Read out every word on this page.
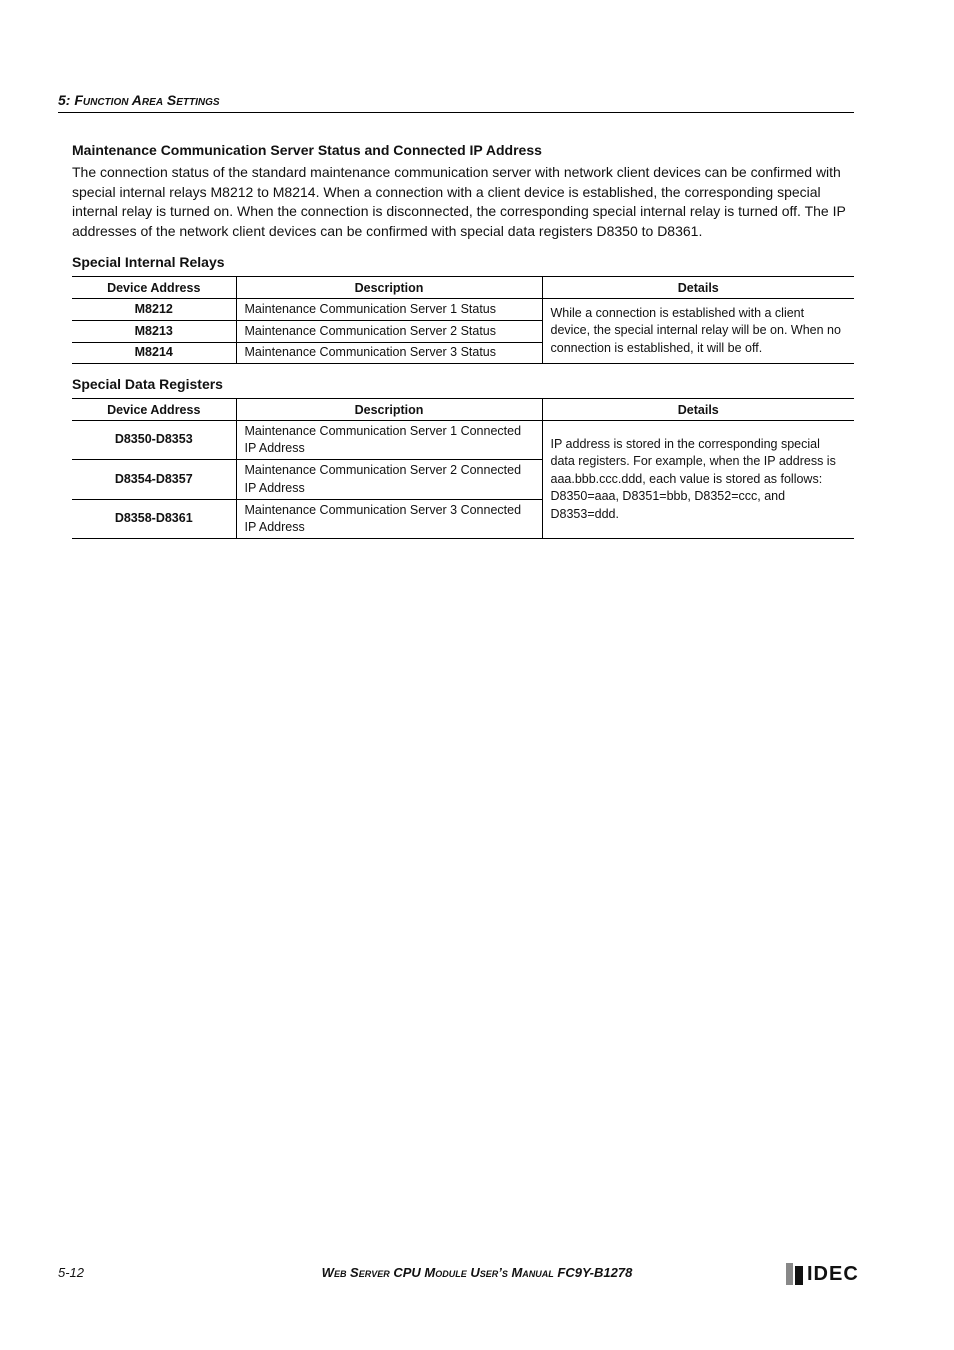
5: Function Area Settings
Maintenance Communication Server Status and Connected IP Address
The connection status of the standard maintenance communication server with network client devices can be confirmed with special internal relays M8212 to M8214. When a connection with a client device is established, the corresponding special internal relay is turned on. When the connection is disconnected, the corresponding special internal relay is turned off. The IP addresses of the network client devices can be confirmed with special data registers D8350 to D8361.
Special Internal Relays
Device Address	Description	Details
M8212	Maintenance Communication Server 1 Status	While a connection is established with a client device, the special internal relay will be on. When no connection is established, it will be off.
M8213	Maintenance Communication Server 2 Status	
M8214	Maintenance Communication Server 3 Status	
Special Data Registers
Device Address	Description	Details
D8350-D8353	Maintenance Communication Server 1 Connected IP Address	IP address is stored in the corresponding special data registers. For example, when the IP address is aaa.bbb.ccc.ddd, each value is stored as follows: D8350=aaa, D8351=bbb, D8352=ccc, and D8353=ddd.
D8354-D8357	Maintenance Communication Server 2 Connected IP Address	
D8358-D8361	Maintenance Communication Server 3 Connected IP Address	
5-12	Web Server CPU Module User’s Manual FC9Y-B1278	IDEC
